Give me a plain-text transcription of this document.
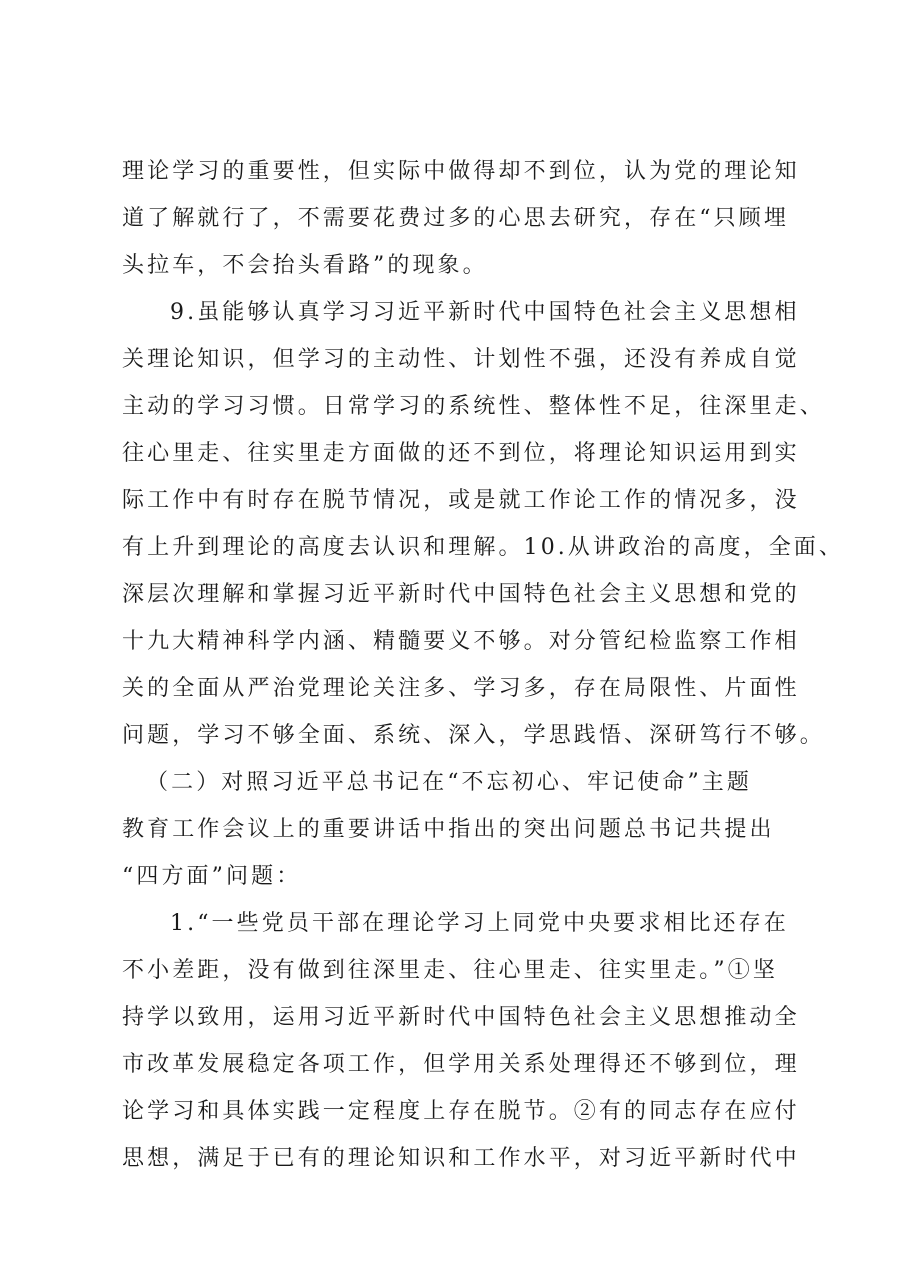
理论学习的重要性，但实际中做得却不到位，认为党的理论知
道了解就行了，不需要花费过多的心思去研究，存在“只顾埋
头拉车，不会抬头看路”的现象。
9.虽能够认真学习习近平新时代中国特色社会主义思想相
关理论知识，但学习的主动性、计划性不强，还没有养成自觉
主动的学习习惯。日常学习的系统性、整体性不足，往深里走、
往心里走、往实里走方面做的还不到位，将理论知识运用到实
际工作中有时存在脱节情况，或是就工作论工作的情况多，没
有上升到理论的高度去认识和理解。10.从讲政治的高度，全面、
深层次理解和掌握习近平新时代中国特色社会主义思想和党的
十九大精神科学内涵、精髓要义不够。对分管纪检监察工作相
关的全面从严治党理论关注多、学习多，存在局限性、片面性
问题，学习不够全面、系统、深入，学思践悟、深研笃行不够。
（二）对照习近平总书记在“不忘初心、牢记使命”主题
教育工作会议上的重要讲话中指出的突出问题总书记共提出
“四方面”问题：
1.“一些党员干部在理论学习上同党中央要求相比还存在
不小差距，没有做到往深里走、往心里走、往实里走。”①坚
持学以致用，运用习近平新时代中国特色社会主义思想推动全
市改革发展稳定各项工作，但学用关系处理得还不够到位，理
论学习和具体实践一定程度上存在脱节。②有的同志存在应付
思想，满足于已有的理论知识和工作水平，对习近平新时代中
